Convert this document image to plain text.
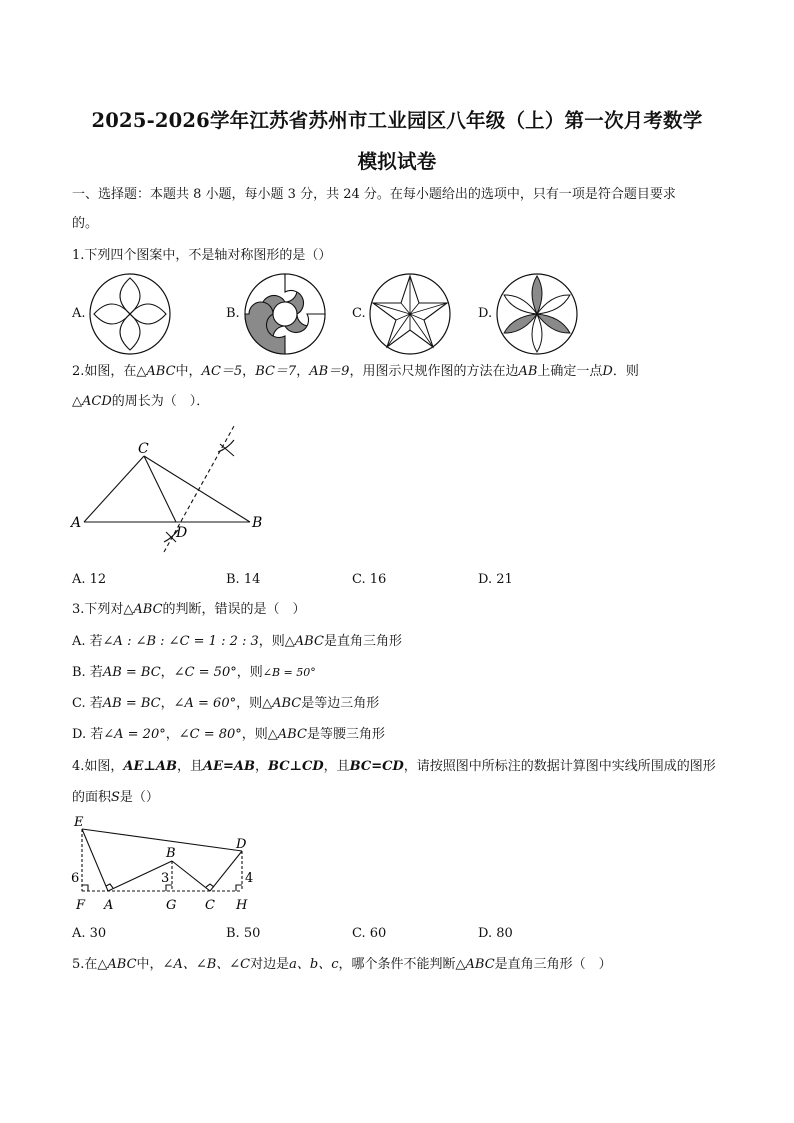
2025-2026学年江苏省苏州市工业园区八年级（上）第一次月考数学
模拟试卷
一、选择题：本题共 8 小题，每小题 3 分，共 24 分。在每小题给出的选项中，只有一项是符合题目要求
的。
1.下列四个图案中，不是轴对称图形的是（）
A.	B.	C.	D.
2.如图，在△ABC中，AC＝5，BC＝7，AB＝9，用图示尺规作图的方法在边AB上确定一点D．则
△ACD的周长为（　）．
A	B
C
D
A. 12	B. 14	C. 16	D. 21
3.下列对△ABC的判断，错误的是（　）
A. 若∠A : ∠B : ∠C = 1 : 2 : 3，则△ABC是直角三角形
B. 若AB = BC，∠C = 50°，则∠B = 50°
C. 若AB = BC，∠A = 60°，则△ABC是等边三角形
D. 若∠A = 20°，∠C = 80°，则△ABC是等腰三角形
4.如图，AE⊥AB，且AE=AB，BC⊥CD，且BC=CD，请按照图中所标注的数据计算图中实线所围成的图形
的面积S是（）
E
B
D
F A	G C H
6	3	4
A. 30	B. 50	C. 60	D. 80
5.在△ABC中，∠A、∠B、∠C对边是a、b、c，哪个条件不能判断△ABC是直角三角形（　）
